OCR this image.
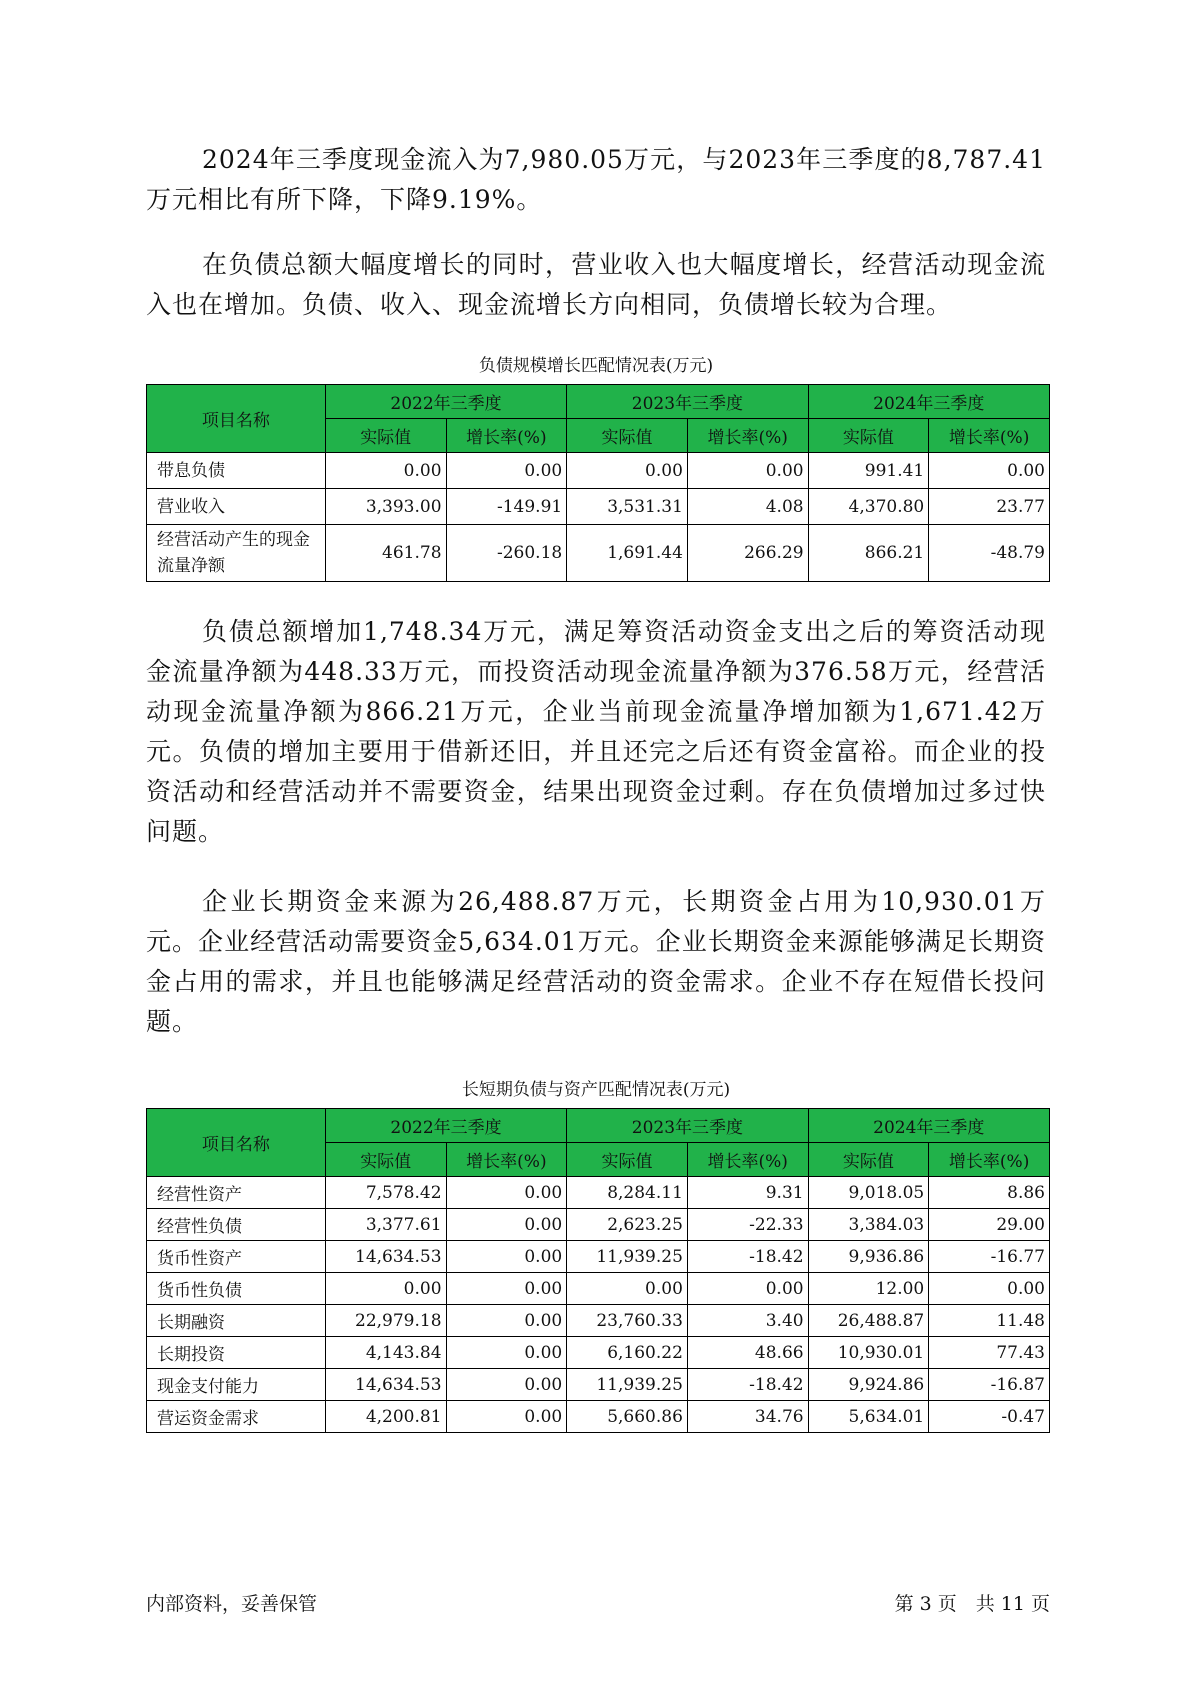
2024年三季度现金流入为7,980.05万元，与2023年三季度的8,787.41万元相比有所下降，下降9.19%。

在负债总额大幅度增长的同时，营业收入也大幅度增长，经营活动现金流入也在增加。负债、收入、现金流增长方向相同，负债增长较为合理。

负债规模增长匹配情况表(万元)
项目名称	2022年三季度		2023年三季度		2024年三季度	
	实际值	增长率(%)	实际值	增长率(%)	实际值	增长率(%)
带息负债	0.00	0.00	0.00	0.00	991.41	0.00
营业收入	3,393.00	-149.91	3,531.31	4.08	4,370.80	23.77
经营活动产生的现金流量净额	461.78	-260.18	1,691.44	266.29	866.21	-48.79

负债总额增加1,748.34万元，满足筹资活动资金支出之后的筹资活动现金流量净额为448.33万元，而投资活动现金流量净额为376.58万元，经营活动现金流量净额为866.21万元，企业当前现金流量净增加额为1,671.42万元。负债的增加主要用于借新还旧，并且还完之后还有资金富裕。而企业的投资活动和经营活动并不需要资金，结果出现资金过剩。存在负债增加过多过快问题。

企业长期资金来源为26,488.87万元，长期资金占用为10,930.01万元。企业经营活动需要资金5,634.01万元。企业长期资金来源能够满足长期资金占用的需求，并且也能够满足经营活动的资金需求。企业不存在短借长投问题。

长短期负债与资产匹配情况表(万元)
项目名称	2022年三季度		2023年三季度		2024年三季度	
	实际值	增长率(%)	实际值	增长率(%)	实际值	增长率(%)
经营性资产	7,578.42	0.00	8,284.11	9.31	9,018.05	8.86
经营性负债	3,377.61	0.00	2,623.25	-22.33	3,384.03	29.00
货币性资产	14,634.53	0.00	11,939.25	-18.42	9,936.86	-16.77
货币性负债	0.00	0.00	0.00	0.00	12.00	0.00
长期融资	22,979.18	0.00	23,760.33	3.40	26,488.87	11.48
长期投资	4,143.84	0.00	6,160.22	48.66	10,930.01	77.43
现金支付能力	14,634.53	0.00	11,939.25	-18.42	9,924.86	-16.87
营运资金需求	4,200.81	0.00	5,660.86	34.76	5,634.01	-0.47
内部资料，妥善保管	第 3 页　共 11 页
